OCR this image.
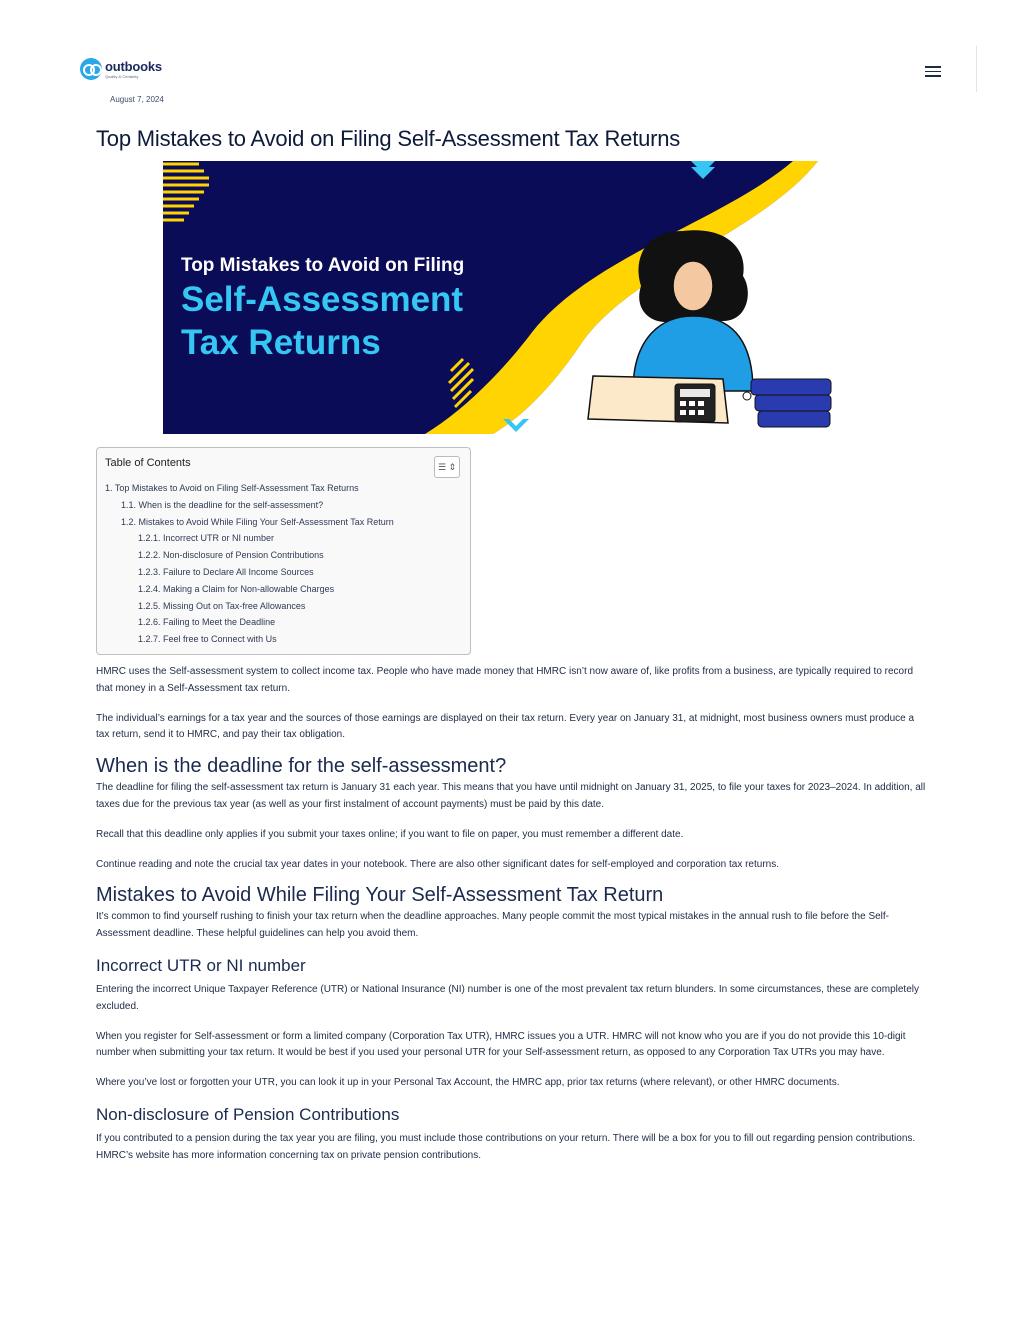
outbooks
Quality & Certainty
August 7, 2024
Top Mistakes to Avoid on Filing Self-Assessment Tax Returns
Top Mistakes to Avoid on Filing
Self-Assessment
Tax Returns
Table of Contents	☰ ⇕
1. Top Mistakes to Avoid on Filing Self-Assessment Tax Returns
1.1. When is the deadline for the self-assessment?
1.2. Mistakes to Avoid While Filing Your Self-Assessment Tax Return
1.2.1. Incorrect UTR or NI number
1.2.2. Non-disclosure of Pension Contributions
1.2.3. Failure to Declare All Income Sources
1.2.4. Making a Claim for Non-allowable Charges
1.2.5. Missing Out on Tax-free Allowances
1.2.6. Failing to Meet the Deadline
1.2.7. Feel free to Connect with Us

HMRC uses the Self-assessment system to collect income tax. People who have made money that HMRC isn’t now aware of, like profits from a business, are typically required to record that money in a Self-Assessment tax return.

The individual’s earnings for a tax year and the sources of those earnings are displayed on their tax return. Every year on January 31, at midnight, most business owners must produce a tax return, send it to HMRC, and pay their tax obligation.

When is the deadline for the self-assessment?

The deadline for filing the self-assessment tax return is January 31 each year. This means that you have until midnight on January 31, 2025, to file your taxes for 2023–2024. In addition, all taxes due for the previous tax year (as well as your first instalment of account payments) must be paid by this date.

Recall that this deadline only applies if you submit your taxes online; if you want to file on paper, you must remember a different date.

Continue reading and note the crucial tax year dates in your notebook. There are also other significant dates for self-employed and corporation tax returns.

Mistakes to Avoid While Filing Your Self-Assessment Tax Return

It’s common to find yourself rushing to finish your tax return when the deadline approaches. Many people commit the most typical mistakes in the annual rush to file before the Self-Assessment deadline. These helpful guidelines can help you avoid them.

Incorrect UTR or NI number

Entering the incorrect Unique Taxpayer Reference (UTR) or National Insurance (NI) number is one of the most prevalent tax return blunders. In some circumstances, these are completely excluded.

When you register for Self-assessment or form a limited company (Corporation Tax UTR), HMRC issues you a UTR. HMRC will not know who you are if you do not provide this 10-digit number when submitting your tax return. It would be best if you used your personal UTR for your Self-assessment return, as opposed to any Corporation Tax UTRs you may have.

Where you’ve lost or forgotten your UTR, you can look it up in your Personal Tax Account, the HMRC app, prior tax returns (where relevant), or other HMRC documents.

Non-disclosure of Pension Contributions

If you contributed to a pension during the tax year you are filing, you must include those contributions on your return. There will be a box for you to fill out regarding pension contributions. HMRC’s website has more information concerning tax on private pension contributions.
